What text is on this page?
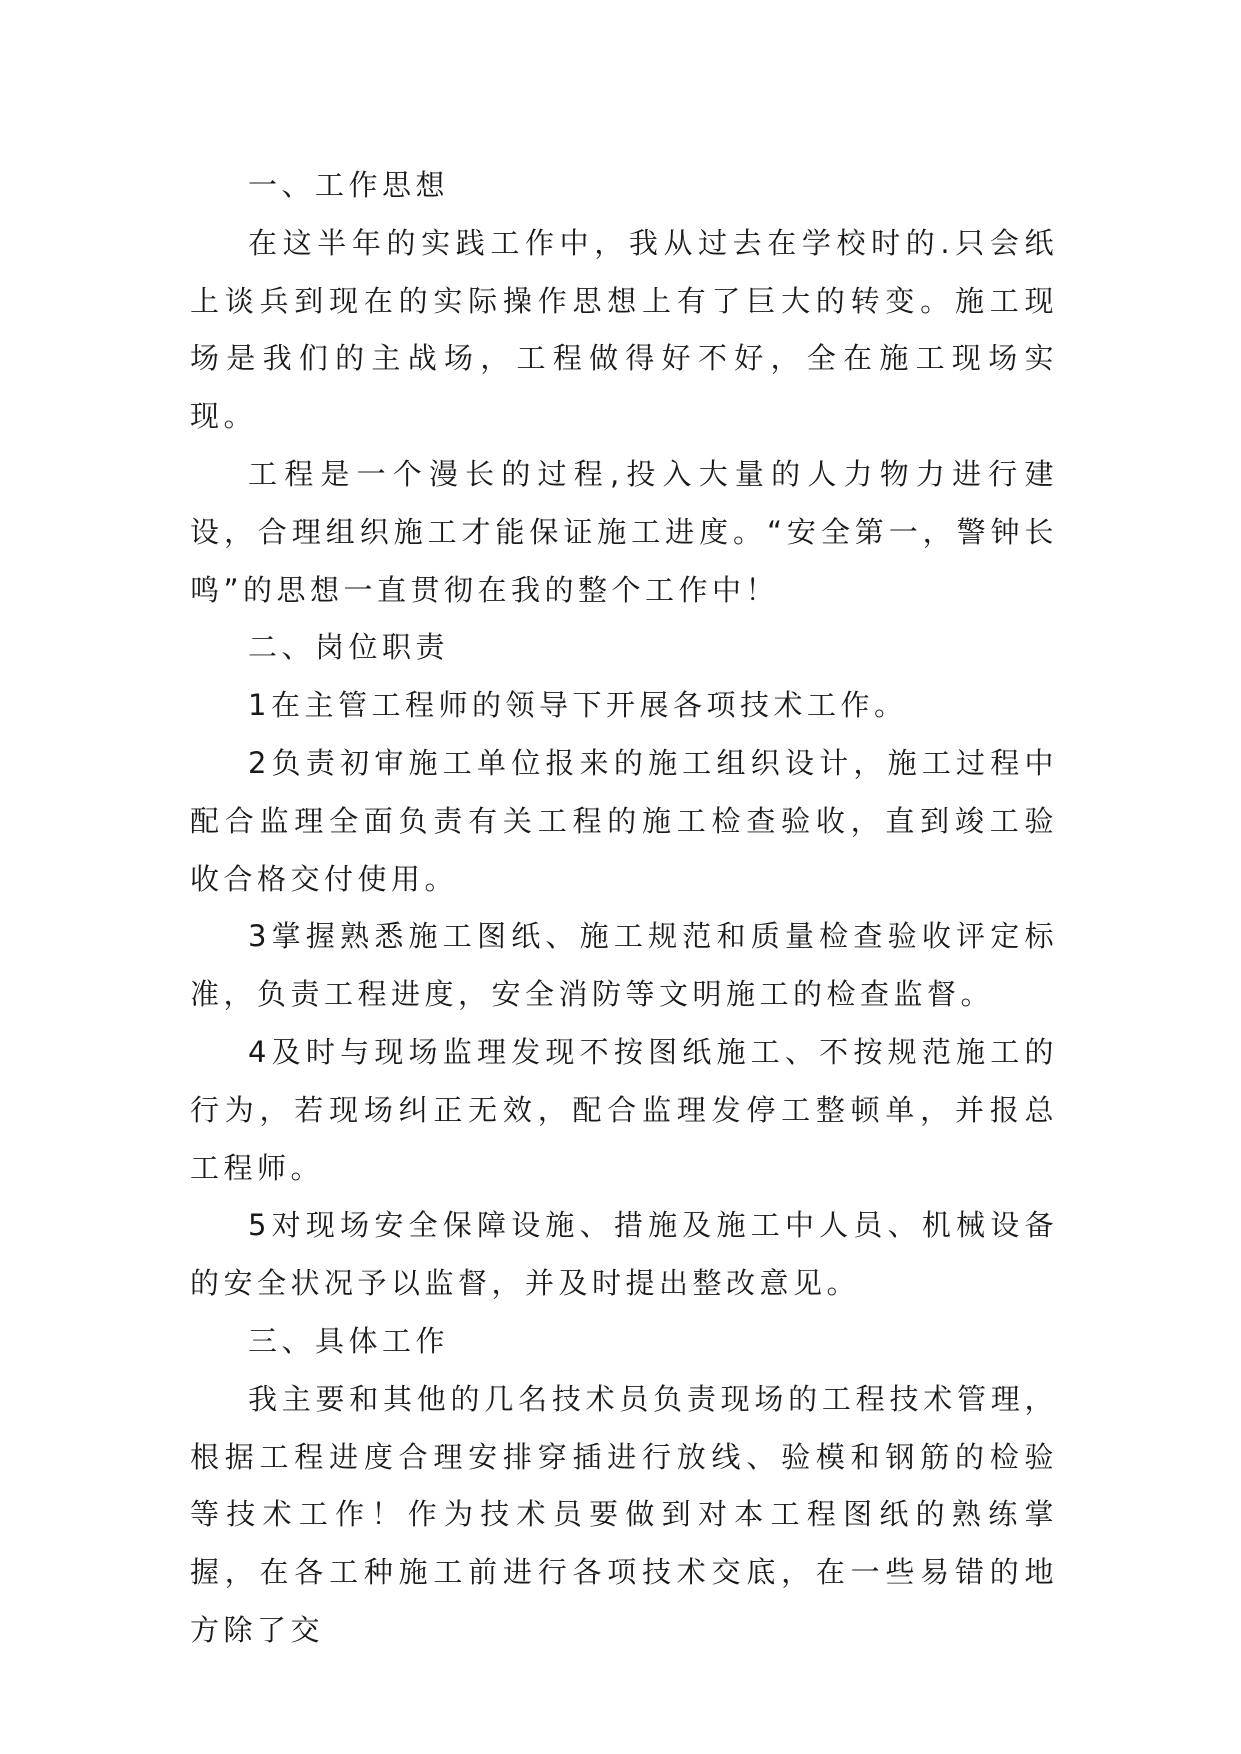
一、工作思想

在这半年的实践工作中，我从过去在学校时的.只会纸上谈兵到现在的实际操作思想上有了巨大的转变。施工现场是我们的主战场，工程做得好不好，全在施工现场实现。

工程是一个漫长的过程,投入大量的人力物力进行建设，合理组织施工才能保证施工进度。“安全第一，警钟长鸣”的思想一直贯彻在我的整个工作中！

二、岗位职责

1在主管工程师的领导下开展各项技术工作。

2负责初审施工单位报来的施工组织设计，施工过程中配合监理全面负责有关工程的施工检查验收，直到竣工验收合格交付使用。

3掌握熟悉施工图纸、施工规范和质量检查验收评定标准，负责工程进度，安全消防等文明施工的检查监督。

4及时与现场监理发现不按图纸施工、不按规范施工的行为，若现场纠正无效，配合监理发停工整顿单，并报总工程师。

5对现场安全保障设施、措施及施工中人员、机械设备的安全状况予以监督，并及时提出整改意见。

三、具体工作

我主要和其他的几名技术员负责现场的工程技术管理，根据工程进度合理安排穿插进行放线、验模和钢筋的检验等技术工作！作为技术员要做到对本工程图纸的熟练掌握，在各工种施工前进行各项技术交底，在一些易错的地方除了交
